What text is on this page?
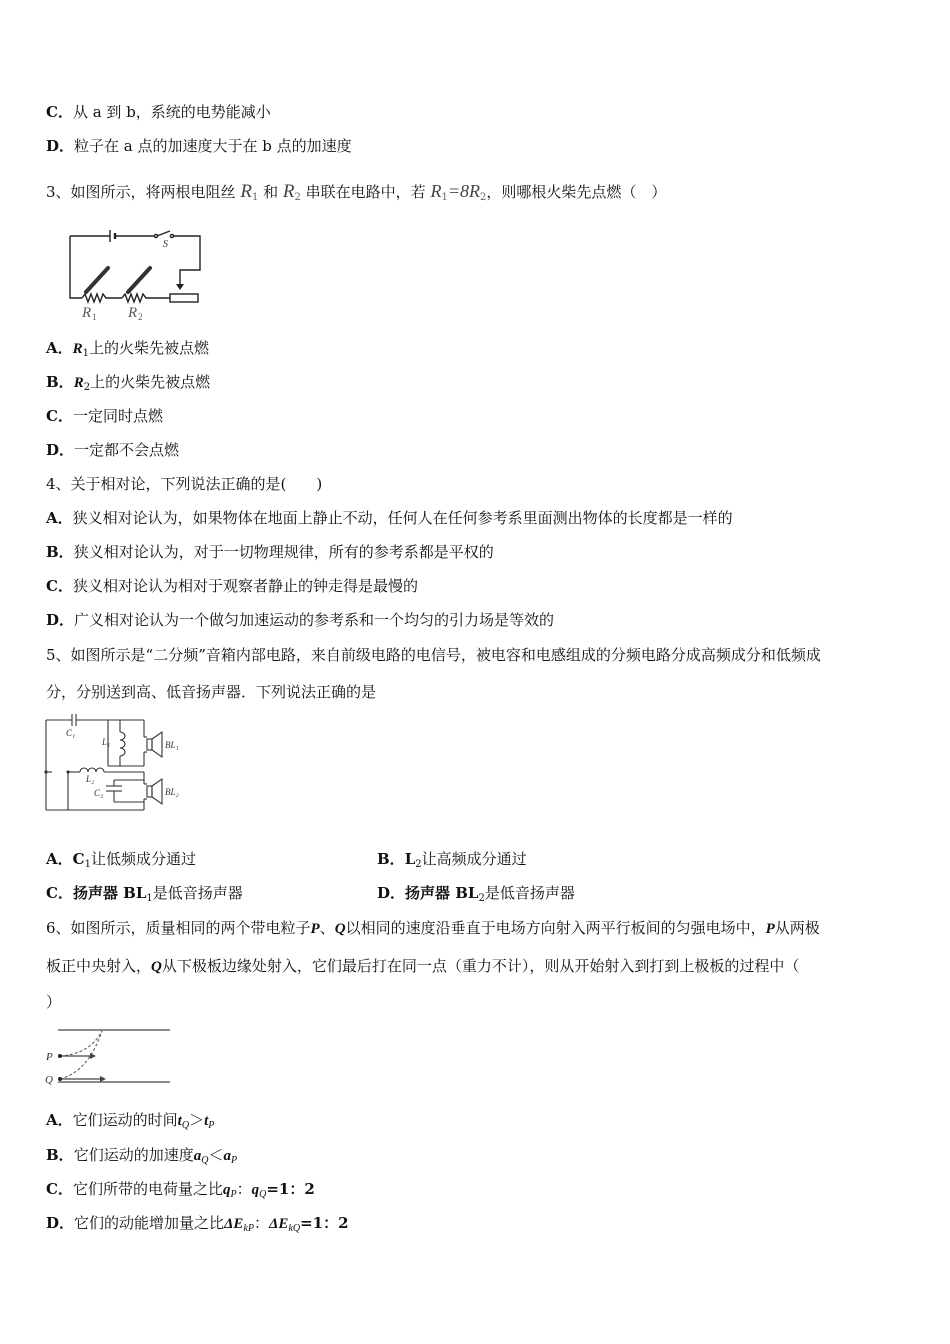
C．从 a 到 b，系统的电势能减小
D．粒子在 a 点的加速度大于在 b 点的加速度
3、如图所示，将两根电阻丝 $R_1$ 和 $R_2$ 串联在电路中，若 $R_1=8R_2$，则哪根火柴先点燃（　）
S
R 1 R 2
A．$R_1$上的火柴先被点燃
B．$R_2$上的火柴先被点燃
C．一定同时点燃
D．一定都不会点燃
4、关于相对论，下列说法正确的是(　　)
A．狭义相对论认为，如果物体在地面上静止不动，任何人在任何参考系里面测出物体的长度都是一样的
B．狭义相对论认为，对于一切物理规律，所有的参考系都是平权的
C．狭义相对论认为相对于观察者静止的钟走得是最慢的
D．广义相对论认为一个做匀加速运动的参考系和一个均匀的引力场是等效的
5、如图所示是“二分频”音箱内部电路，来自前级电路的电信号，被电容和电感组成的分频电路分成高频成分和低频成
分，分别送到高、低音扬声器．下列说法正确的是
C₁
L₁	BL₁
L₂
C₂	BL₂
A．$C_1$让低频成分通过	B．$L_2$让高频成分通过
C．扬声器 $BL_1$是低音扬声器	D．扬声器 $BL_2$是低音扬声器
6、如图所示，质量相同的两个带电粒子P、Q以相同的速度沿垂直于电场方向射入两平行板间的匀强电场中，P从两极
板正中央射入，Q从下极板边缘处射入，它们最后打在同一点（重力不计），则从开始射入到打到上极板的过程中（
）
P
Q
A．它们运动的时间$t_Q>t_P$
B．它们运动的加速度$a_Q<a_P$
C．它们所带的电荷量之比$q_P$：$q_Q=1$：2
D．它们的动能增加量之比$\Delta E_{kP}$：$\Delta E_{kQ}=1$：2
